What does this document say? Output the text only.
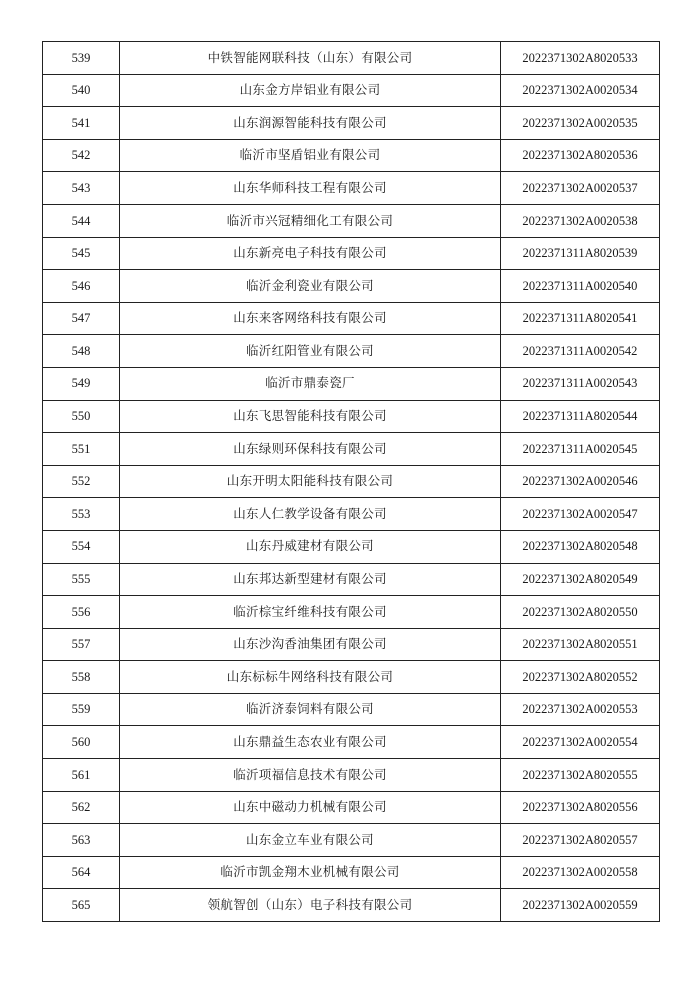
539	中铁智能网联科技（山东）有限公司	2022371302A8020533
540	山东金方岸铝业有限公司	2022371302A0020534
541	山东润源智能科技有限公司	2022371302A0020535
542	临沂市坚盾铝业有限公司	2022371302A8020536
543	山东华师科技工程有限公司	2022371302A0020537
544	临沂市兴冠精细化工有限公司	2022371302A0020538
545	山东新亮电子科技有限公司	2022371311A8020539
546	临沂金利瓷业有限公司	2022371311A0020540
547	山东来客网络科技有限公司	2022371311A8020541
548	临沂红阳管业有限公司	2022371311A0020542
549	临沂市鼎泰瓷厂	2022371311A0020543
550	山东飞思智能科技有限公司	2022371311A8020544
551	山东绿则环保科技有限公司	2022371311A0020545
552	山东开明太阳能科技有限公司	2022371302A0020546
553	山东人仁教学设备有限公司	2022371302A0020547
554	山东丹威建材有限公司	2022371302A8020548
555	山东邦达新型建材有限公司	2022371302A8020549
556	临沂棕宝纤维科技有限公司	2022371302A8020550
557	山东沙沟香油集团有限公司	2022371302A8020551
558	山东标标牛网络科技有限公司	2022371302A8020552
559	临沂济泰饲料有限公司	2022371302A0020553
560	山东鼎益生态农业有限公司	2022371302A0020554
561	临沂项福信息技术有限公司	2022371302A8020555
562	山东中磁动力机械有限公司	2022371302A8020556
563	山东金立车业有限公司	2022371302A8020557
564	临沂市凯金翔木业机械有限公司	2022371302A0020558
565	领航智创（山东）电子科技有限公司	2022371302A0020559
